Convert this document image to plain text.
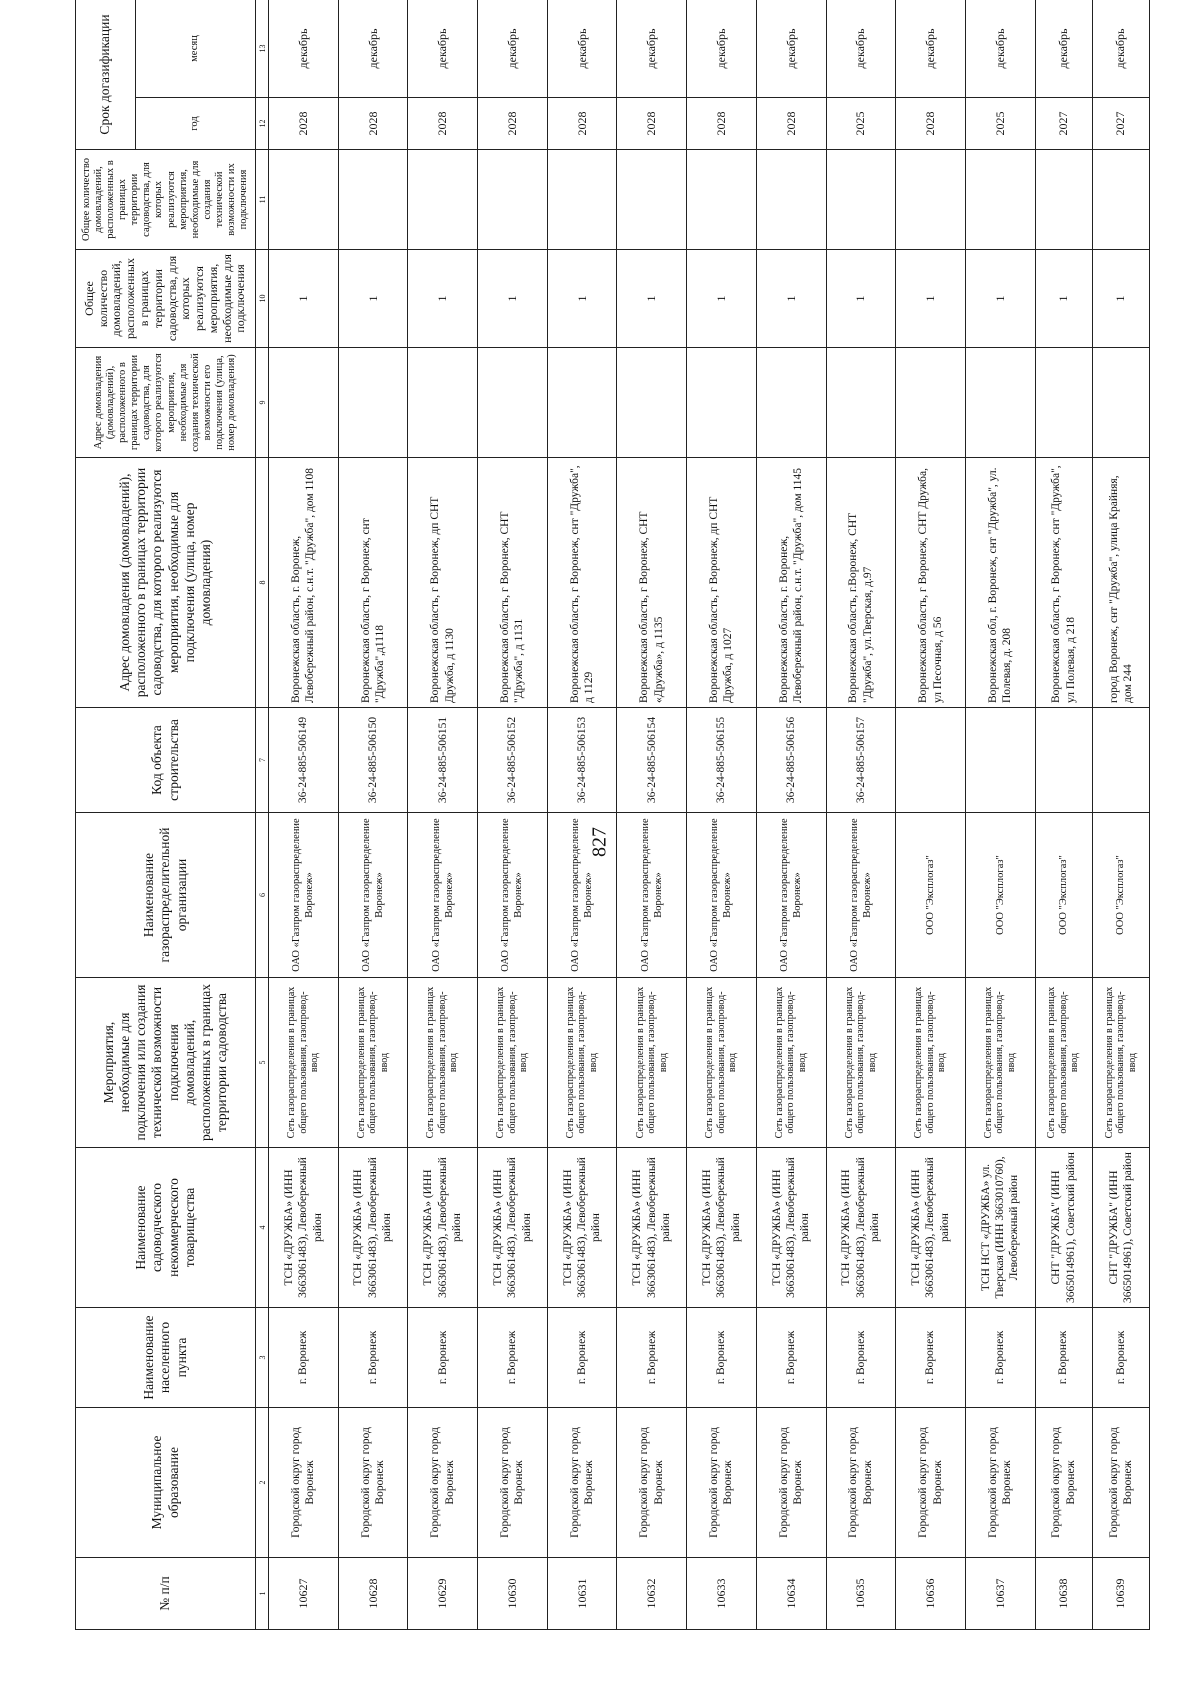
827
№ п/п	Муниципальное образование	Наименование населенного пункта	Наименование садоводческого некоммерческого товарищества	Мероприятия, необходимые для подключения или создания технической возможности подключения домовладений, расположенных в границах территории садоводства	Наименование газораспределительной организации	Код объекта строительства	Адрес домовладения (домовладений), расположенного в границах территории садоводства, для которого реализуются мероприятия, необходимые для подключения (улица, номер домовладения)	Адрес домовладения (домовладений), расположенного в границах территории садоводства, для которого реализуются мероприятия, необходимые для создания технической возможности его подключения (улица, номер домовладения)	Общее количество домовладений, расположенных в границах территории садоводства, для которых реализуются мероприятия, необходимые для подключения	Общее количество домовладений, расположенных в границах территории садоводства, для которых реализуются мероприятия, необходимые для создания технической возможности их подключения	Срок догазификации	
											год	месяц
1	2	3	4	5	6	7	8	9	10	11	12	13
10627	Городской округ город Воронеж	г. Воронеж	ТСН «ДРУЖБА» (ИНН 3663061483), Левобережный район	Сеть газораспределения в границах общего пользования, газопровод-ввод	ОАО «Газпром газораспределение Воронеж»	36-24-885-506149	Воронежская область, г. Воронеж, Левобережный район, с.н.т. "Дружба", дом 1108		1		2028	декабрь
10628	Городской округ город Воронеж	г. Воронеж	ТСН «ДРУЖБА» (ИНН 3663061483), Левобережный район	Сеть газораспределения в границах общего пользования, газопровод-ввод	ОАО «Газпром газораспределение Воронеж»	36-24-885-506150	Воронежская область, г Воронеж, снт "Дружба",д1118		1		2028	декабрь
10629	Городской округ город Воронеж	г. Воронеж	ТСН «ДРУЖБА» (ИНН 3663061483), Левобережный район	Сеть газораспределения в границах общего пользования, газопровод-ввод	ОАО «Газпром газораспределение Воронеж»	36-24-885-506151	Воронежская область, г Воронеж, дп СНТ Дружба, д 1130		1		2028	декабрь
10630	Городской округ город Воронеж	г. Воронеж	ТСН «ДРУЖБА» (ИНН 3663061483), Левобережный район	Сеть газораспределения в границах общего пользования, газопровод-ввод	ОАО «Газпром газораспределение Воронеж»	36-24-885-506152	Воронежская область, г Воронеж, СНТ "Дружба", д 1131		1		2028	декабрь
10631	Городской округ город Воронеж	г. Воронеж	ТСН «ДРУЖБА» (ИНН 3663061483), Левобережный район	Сеть газораспределения в границах общего пользования, газопровод-ввод	ОАО «Газпром газораспределение Воронеж»	36-24-885-506153	Воронежская область, г Воронеж, снт "Дружба", д 1129		1		2028	декабрь
10632	Городской округ город Воронеж	г. Воронеж	ТСН «ДРУЖБА» (ИНН 3663061483), Левобережный район	Сеть газораспределения в границах общего пользования, газопровод-ввод	ОАО «Газпром газораспределение Воронеж»	36-24-885-506154	Воронежская область, г Воронеж, СНТ «Дружба», д 1135		1		2028	декабрь
10633	Городской округ город Воронеж	г. Воронеж	ТСН «ДРУЖБА» (ИНН 3663061483), Левобережный район	Сеть газораспределения в границах общего пользования, газопровод-ввод	ОАО «Газпром газораспределение Воронеж»	36-24-885-506155	Воронежская область, г Воронеж, дп СНТ Дружба, д 1027		1		2028	декабрь
10634	Городской округ город Воронеж	г. Воронеж	ТСН «ДРУЖБА» (ИНН 3663061483), Левобережный район	Сеть газораспределения в границах общего пользования, газопровод-ввод	ОАО «Газпром газораспределение Воронеж»	36-24-885-506156	Воронежская область, г. Воронеж, Левобережный район, с.н.т. "Дружба", дом 1145		1		2028	декабрь
10635	Городской округ город Воронеж	г. Воронеж	ТСН «ДРУЖБА» (ИНН 3663061483), Левобережный район	Сеть газораспределения в границах общего пользования, газопровод-ввод	ОАО «Газпром газораспределение Воронеж»	36-24-885-506157	Воронежская область, г.Воронеж, СНТ "Дружба", ул.Тверская, д.97		1		2025	декабрь
10636	Городской округ город Воронеж	г. Воронеж	ТСН «ДРУЖБА» (ИНН 3663061483), Левобережный район	Сеть газораспределения в границах общего пользования, газопровод-ввод	ООО "Эксплогаз"		Воронежская область, г Воронеж, СНТ Дружба, ул Песочная, д 56		1		2028	декабрь
10637	Городской округ город Воронеж	г. Воронеж	ТСН НСТ «ДРУЖБА» ул. Тверская (ИНН 3663010760), Левобережный район	Сеть газораспределения в границах общего пользования, газопровод-ввод	ООО "Эксплогаз"		Воронежская обл, г. Воронеж, снт "Дружба", ул. Полевая, д. 208		1		2025	декабрь
10638	Городской округ город Воронеж	г. Воронеж	СНТ "ДРУЖБА" (ИНН 3665014961), Советский район	Сеть газораспределения в границах общего пользования, газопровод-ввод	ООО "Эксплогаз"		Воронежская область, г Воронеж, снт "Дружба", ул Полевая, д 218		1		2027	декабрь
10639	Городской округ город Воронеж	г. Воронеж	СНТ "ДРУЖБА" (ИНН 3665014961), Советский район	Сеть газораспределения в границах общего пользования, газопровод-ввод	ООО "Эксплогаз"		город Воронеж, снт "Дружба", улица Крайняя, дом 244		1		2027	декабрь
